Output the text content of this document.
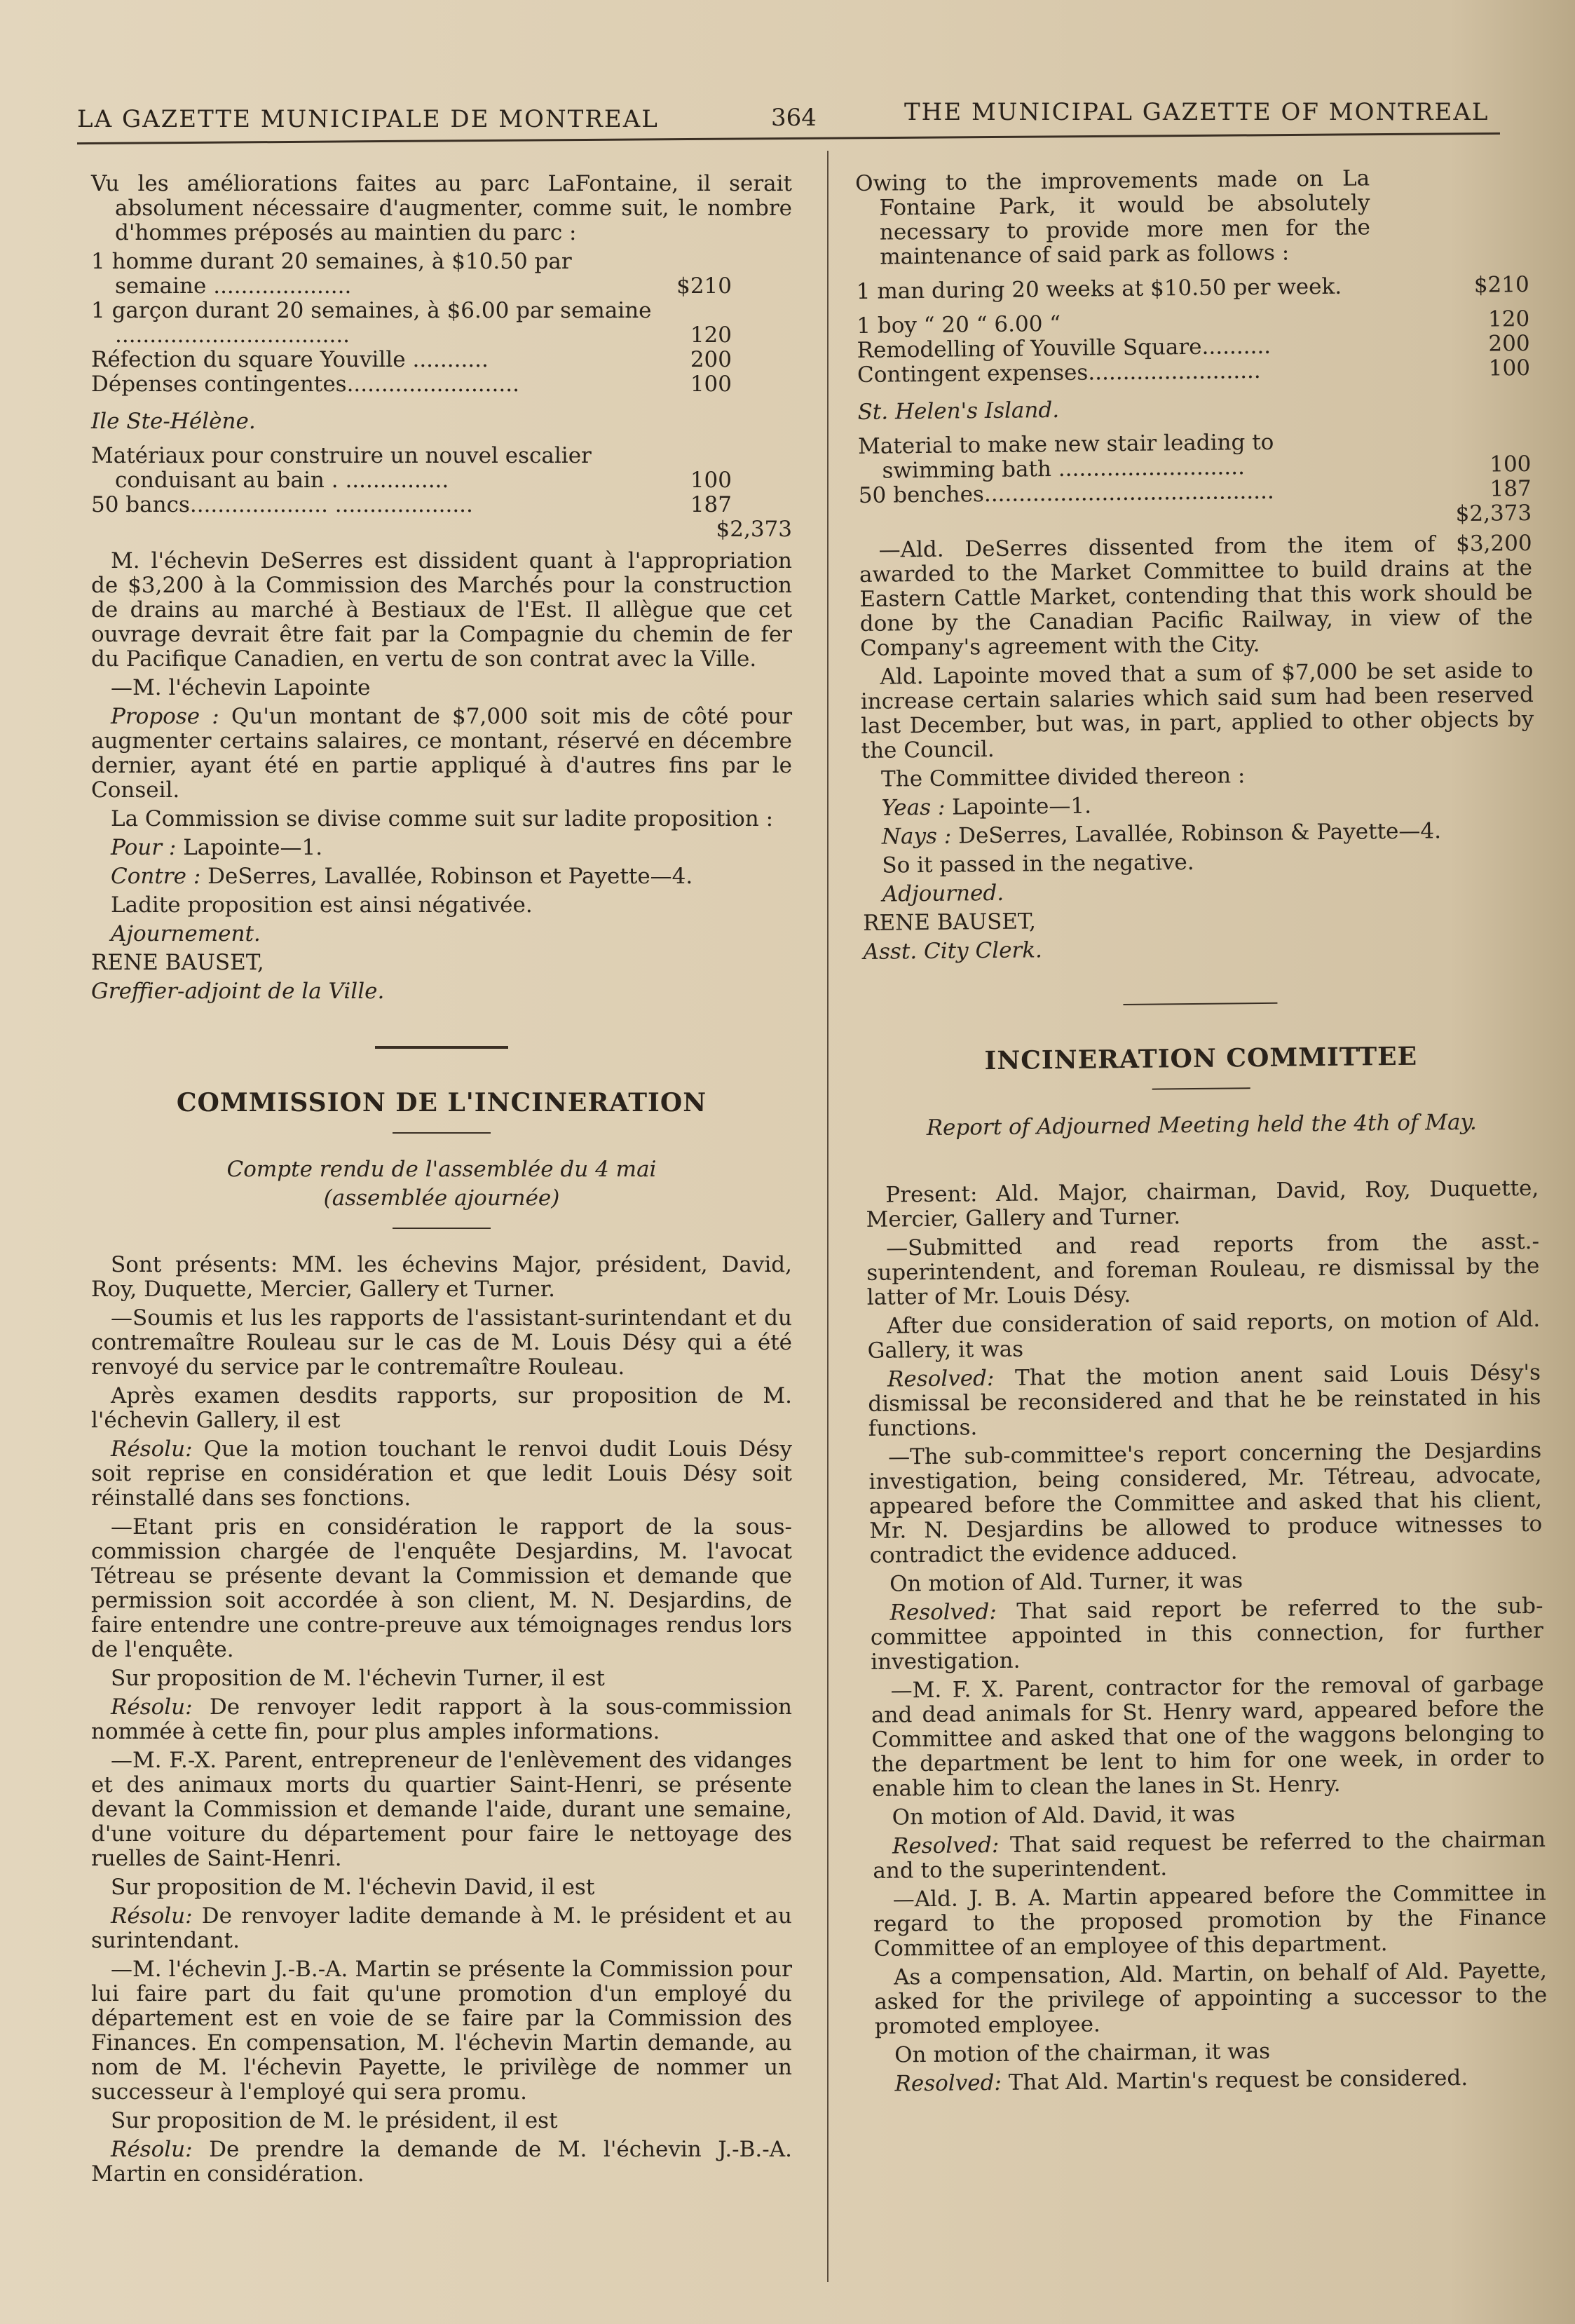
LA GAZETTE MUNICIPALE DE MONTREAL	364	THE MUNICIPAL GAZETTE OF MONTREAL

Vu les améliorations faites au parc LaFontaine, il serait absolument nécessaire d'augmenter, comme suit, le nombre d'hommes préposés au maintien du parc :

1 homme durant 20 semaines, à $10.50 par semaine ....................	$210
1 garçon durant 20 semaines, à $6.00 par semaine ..................................	120
Réfection du square Youville ...........	200
Dépenses contingentes.........................	100

Ile Ste-Hélène.

Matériaux pour construire un nouvel escalier conduisant au bain . ...............	100
50 bancs.................... ....................	187
$2,373

M. l'échevin DeSerres est dissident quant à l'appropriation de $3,200 à la Commission des Marchés pour la construction de drains au marché à Bestiaux de l'Est. Il allègue que cet ouvrage devrait être fait par la Compagnie du chemin de fer du Pacifique Canadien, en vertu de son contrat avec la Ville.

—M. l'échevin Lapointe

Propose : Qu'un montant de $7,000 soit mis de côté pour augmenter certains salaires, ce montant, réservé en décembre dernier, ayant été en partie appliqué à d'autres fins par le Conseil.

La Commission se divise comme suit sur ladite proposition :

Pour : Lapointe—1.

Contre : DeSerres, Lavallée, Robinson et Payette—4.

Ladite proposition est ainsi négativée.

Ajournement.

RENE BAUSET,

Greffier-adjoint de la Ville.

COMMISSION DE L'INCINERATION

Compte rendu de l'assemblée du 4 mai

(assemblée ajournée)

Sont présents: MM. les échevins Major, président, David, Roy, Duquette, Mercier, Gallery et Turner.

—Soumis et lus les rapports de l'assistant-surintendant et du contremaître Rouleau sur le cas de M. Louis Désy qui a été renvoyé du service par le contremaître Rouleau.

Après examen desdits rapports, sur proposition de M. l'échevin Gallery, il est

Résolu: Que la motion touchant le renvoi dudit Louis Désy soit reprise en considération et que ledit Louis Désy soit réinstallé dans ses fonctions.

—Etant pris en considération le rapport de la sous-commission chargée de l'enquête Desjardins, M. l'avocat Tétreau se présente devant la Commission et demande que permission soit accordée à son client, M. N. Desjardins, de faire entendre une contre-preuve aux témoignages rendus lors de l'enquête.

Sur proposition de M. l'échevin Turner, il est

Résolu: De renvoyer ledit rapport à la sous-commission nommée à cette fin, pour plus amples informations.

—M. F.-X. Parent, entrepreneur de l'enlèvement des vidanges et des animaux morts du quartier Saint-Henri, se présente devant la Commission et demande l'aide, durant une semaine, d'une voiture du département pour faire le nettoyage des ruelles de Saint-Henri.

Sur proposition de M. l'échevin David, il est

Résolu: De renvoyer ladite demande à M. le président et au surintendant.

—M. l'échevin J.-B.-A. Martin se présente la Commission pour lui faire part du fait qu'une promotion d'un employé du département est en voie de se faire par la Commission des Finances. En compensation, M. l'échevin Martin demande, au nom de M. l'échevin Payette, le privilège de nommer un successeur à l'employé qui sera promu.

Sur proposition de M. le président, il est

Résolu: De prendre la demande de M. l'échevin J.-B.-A. Martin en considération.

Owing to the improvements made on La Fontaine Park, it would be absolutely necessary to provide more men for the maintenance of said park as follows :

1 man during 20 weeks at $10.50 per week.	$210
1 boy “ 20 “ 6.00 “	120
Remodelling of Youville Square..........	200
Contingent expenses.........................	100

St. Helen's Island.

Material to make new stair leading to swimming bath ...........................	100
50 benches..........................................	187
$2,373

—Ald. DeSerres dissented from the item of $3,200 awarded to the Market Committee to build drains at the Eastern Cattle Market, contending that this work should be done by the Canadian Pacific Railway, in view of the Company's agreement with the City.

Ald. Lapointe moved that a sum of $7,000 be set aside to increase certain salaries which said sum had been reserved last December, but was, in part, applied to other objects by the Council.

The Committee divided thereon :

Yeas : Lapointe—1.

Nays : DeSerres, Lavallée, Robinson & Payette—4.

So it passed in the negative.

Adjourned.

RENE BAUSET,

Asst. City Clerk.

INCINERATION COMMITTEE

Report of Adjourned Meeting held the 4th of May.

Present: Ald. Major, chairman, David, Roy, Duquette, Mercier, Gallery and Turner.

—Submitted and read reports from the asst.-superintendent, and foreman Rouleau, re dismissal by the latter of Mr. Louis Désy.

After due consideration of said reports, on motion of Ald. Gallery, it was

Resolved: That the motion anent said Louis Désy's dismissal be reconsidered and that he be reinstated in his functions.

—The sub-committee's report concerning the Desjardins investigation, being considered, Mr. Tétreau, advocate, appeared before the Committee and asked that his client, Mr. N. Desjardins be allowed to produce witnesses to contradict the evidence adduced.

On motion of Ald. Turner, it was

Resolved: That said report be referred to the sub-committee appointed in this connection, for further investigation.

—M. F. X. Parent, contractor for the removal of garbage and dead animals for St. Henry ward, appeared before the Committee and asked that one of the waggons belonging to the department be lent to him for one week, in order to enable him to clean the lanes in St. Henry.

On motion of Ald. David, it was

Resolved: That said request be referred to the chairman and to the superintendent.

—Ald. J. B. A. Martin appeared before the Committee in regard to the proposed promotion by the Finance Committee of an employee of this department.

As a compensation, Ald. Martin, on behalf of Ald. Payette, asked for the privilege of appointing a successor to the promoted employee.

On motion of the chairman, it was

Resolved: That Ald. Martin's request be considered.
